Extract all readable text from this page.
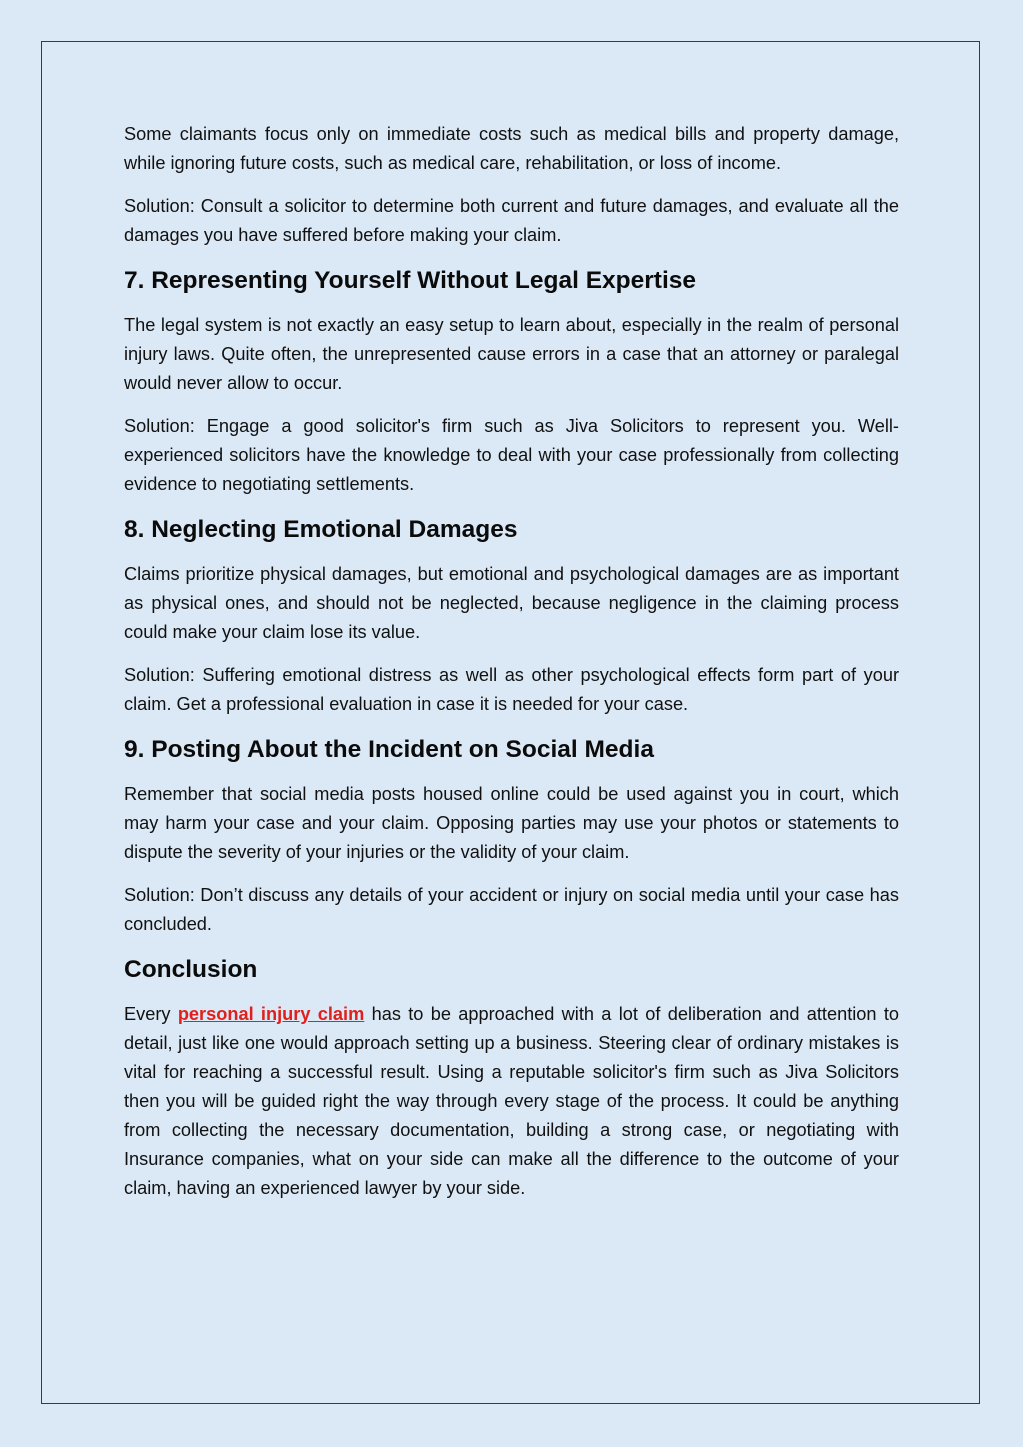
Some claimants focus only on immediate costs such as medical bills and property damage, while ignoring future costs, such as medical care, rehabilitation, or loss of income.

Solution: Consult a solicitor to determine both current and future damages, and evaluate all the damages you have suffered before making your claim.

7. Representing Yourself Without Legal Expertise

The legal system is not exactly an easy setup to learn about, especially in the realm of personal injury laws. Quite often, the unrepresented cause errors in a case that an attorney or paralegal would never allow to occur.

Solution: Engage a good solicitor's firm such as Jiva Solicitors to represent you. Well-experienced solicitors have the knowledge to deal with your case professionally from collecting evidence to negotiating settlements.

8. Neglecting Emotional Damages

Claims prioritize physical damages, but emotional and psychological damages are as important as physical ones, and should not be neglected, because negligence in the claiming process could make your claim lose its value.

Solution: Suffering emotional distress as well as other psychological effects form part of your claim. Get a professional evaluation in case it is needed for your case.

9. Posting About the Incident on Social Media

Remember that social media posts housed online could be used against you in court, which may harm your case and your claim. Opposing parties may use your photos or statements to dispute the severity of your injuries or the validity of your claim.

Solution: Don’t discuss any details of your accident or injury on social media until your case has concluded.

Conclusion

Every personal injury claim has to be approached with a lot of deliberation and attention to detail, just like one would approach setting up a business. Steering clear of ordinary mistakes is vital for reaching a successful result. Using a reputable solicitor's firm such as Jiva Solicitors then you will be guided right the way through every stage of the process. It could be anything from collecting the necessary documentation, building a strong case, or negotiating with Insurance companies, what on your side can make all the difference to the outcome of your claim, having an experienced lawyer by your side.
